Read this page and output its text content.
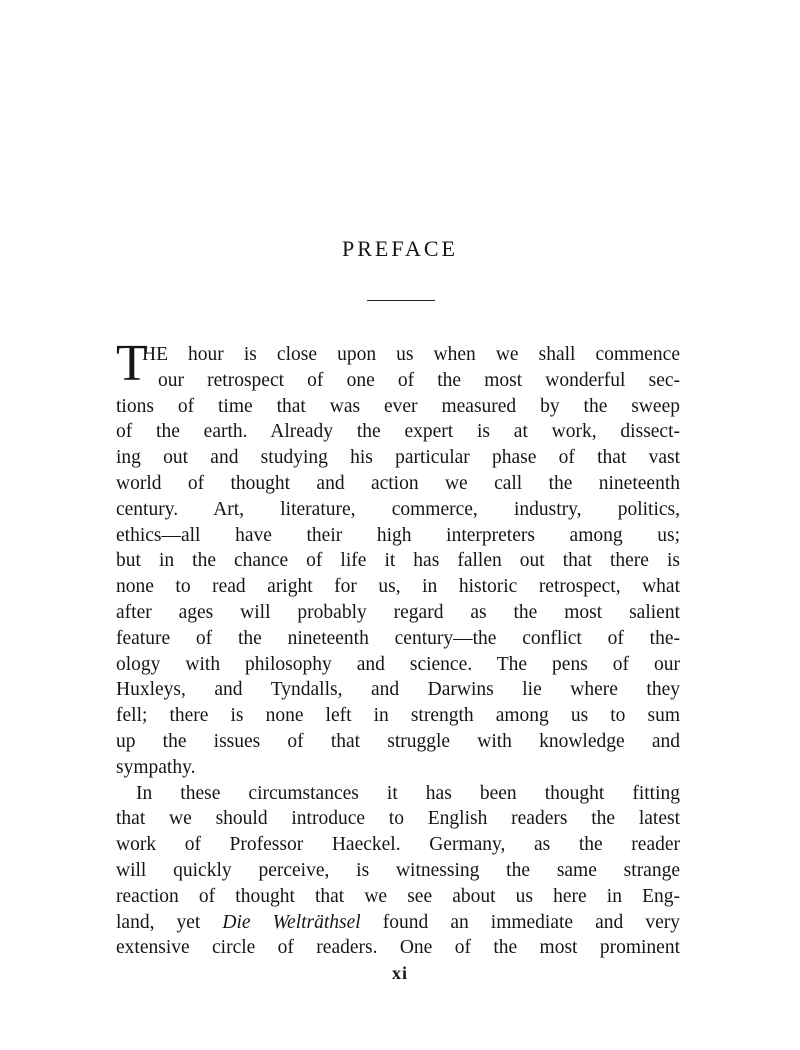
PREFACE
T
HE hour is close upon us when we shall commence
our retrospect of one of the most wonderful sec-
tions of time that was ever measured by the sweep
of the earth. Already the expert is at work, dissect-
ing out and studying his particular phase of that vast
world of thought and action we call the nineteenth
century. Art, literature, commerce, industry, politics,
ethics—all have their high interpreters among us;
but in the chance of life it has fallen out that there is
none to read aright for us, in historic retrospect, what
after ages will probably regard as the most salient
feature of the nineteenth century—the conflict of the-
ology with philosophy and science. The pens of our
Huxleys, and Tyndalls, and Darwins lie where they
fell; there is none left in strength among us to sum
up the issues of that struggle with knowledge and
sympathy.
In these circumstances it has been thought fitting
that we should introduce to English readers the latest
work of Professor Haeckel. Germany, as the reader
will quickly perceive, is witnessing the same strange
reaction of thought that we see about us here in Eng-
land, yet Die Welträthsel found an immediate and very
extensive circle of readers. One of the most prominent
xi
